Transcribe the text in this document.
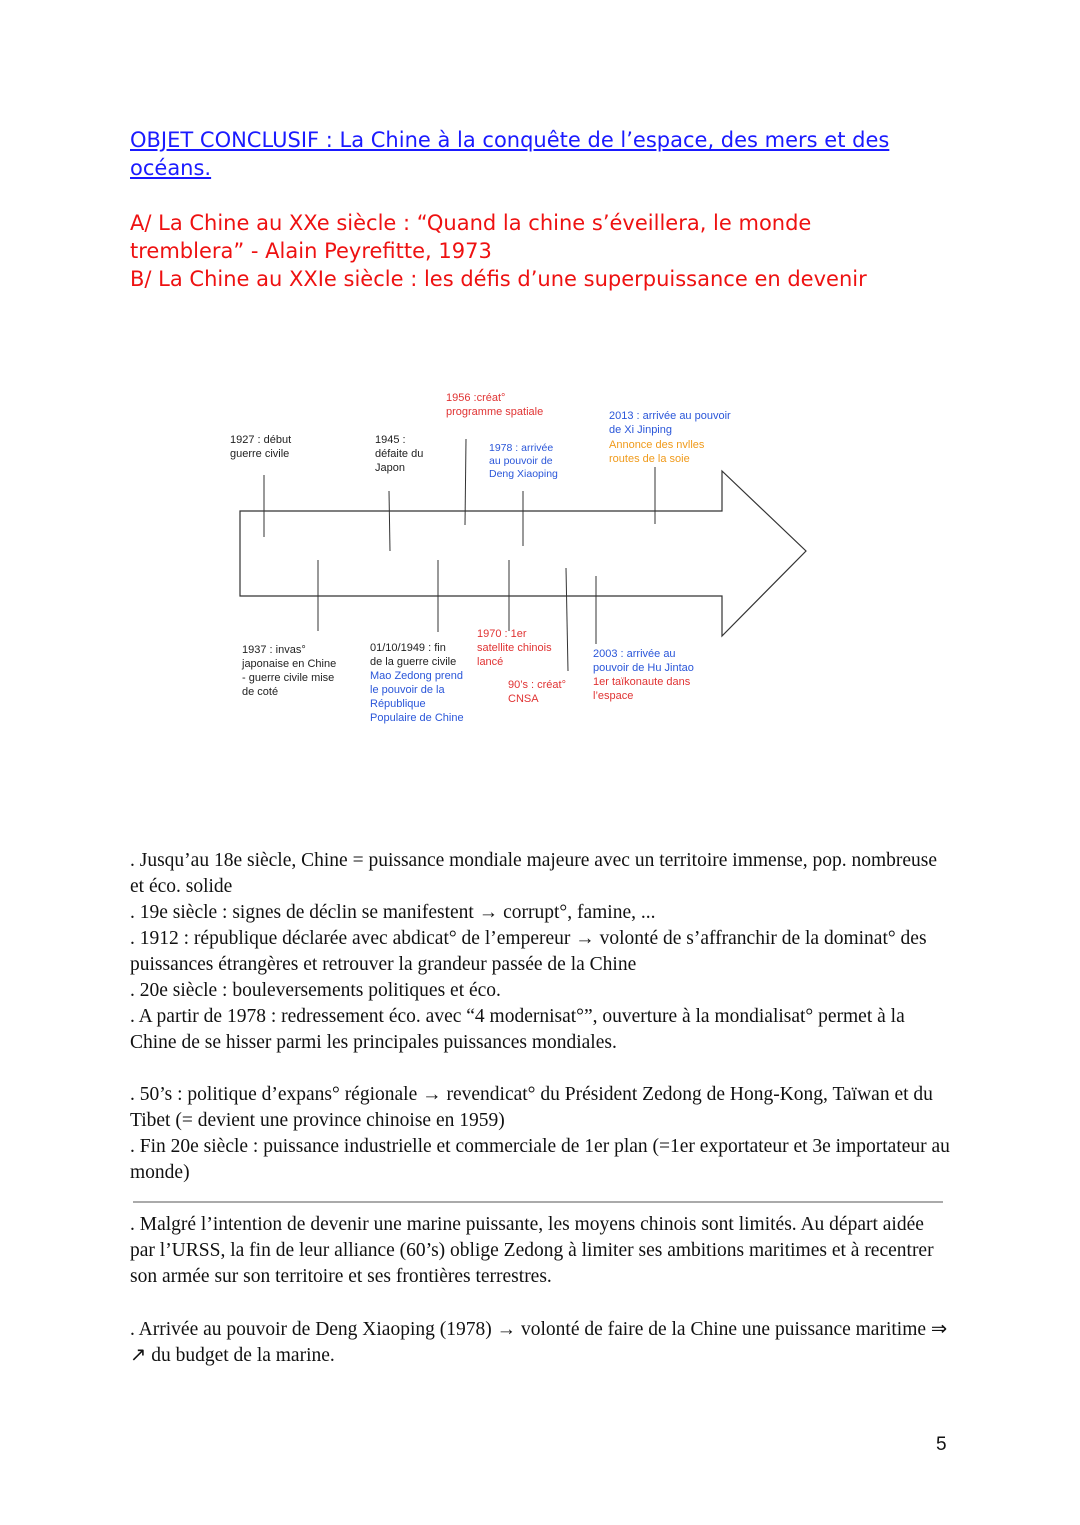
OBJET CONCLUSIF : La Chine à la conquête de l’espace, des mers et des océans.
A/ La Chine au XXe siècle : “Quand la chine s’éveillera, le monde
tremblera” - Alain Peyrefitte, 1973
B/ La Chine au XXIe siècle : les défis d’une superpuissance en devenir
1927 : début
guerre civile
1945 :
défaite du
Japon
1956 :créat°
programme spatiale
1978 : arrivée
au pouvoir de
Deng Xiaoping
2013 : arrivée au pouvoir
de Xi Jinping
Annonce des nvlles
routes de la soie
1937 : invas°
japonaise en Chine
- guerre civile mise
de coté
01/10/1949 : fin
de la guerre civile
Mao Zedong prend
le pouvoir de la
République
Populaire de Chine
1970 : 1er
satellite chinois
lancé
90’s : créat°
CNSA
2003 : arrivée au
pouvoir de Hu Jintao
1er taïkonaute dans
l’espace

. Jusqu’au 18e siècle, Chine = puissance mondiale majeure avec un territoire immense, pop. nombreuse et éco. solide

. 19e siècle : signes de déclin se manifestent → corrupt°, famine, ...

. 1912 : république déclarée avec abdicat° de l’empereur → volonté de s’affranchir de la dominat° des puissances étrangères et retrouver la grandeur passée de la Chine

. 20e siècle : bouleversements politiques et éco.

. A partir de 1978 : redressement éco. avec “4 modernisat°”, ouverture à la mondialisat° permet à la Chine de se hisser parmi les principales puissances mondiales.

. 50’s : politique d’expans° régionale → revendicat° du Président Zedong de Hong-Kong, Taïwan et du Tibet (= devient une province chinoise en 1959)

. Fin 20e siècle : puissance industrielle et commerciale de 1er plan (=1er exportateur et 3e importateur au monde)

. Malgré l’intention de devenir une marine puissante, les moyens chinois sont limités. Au départ aidée par l’URSS, la fin de leur alliance (60’s) oblige Zedong à limiter ses ambitions maritimes et à recentrer son armée sur son territoire et ses frontières terrestres.

. Arrivée au pouvoir de Deng Xiaoping (1978) → volonté de faire de la Chine une puissance maritime ⇒ ↗ du budget de la marine.

5
